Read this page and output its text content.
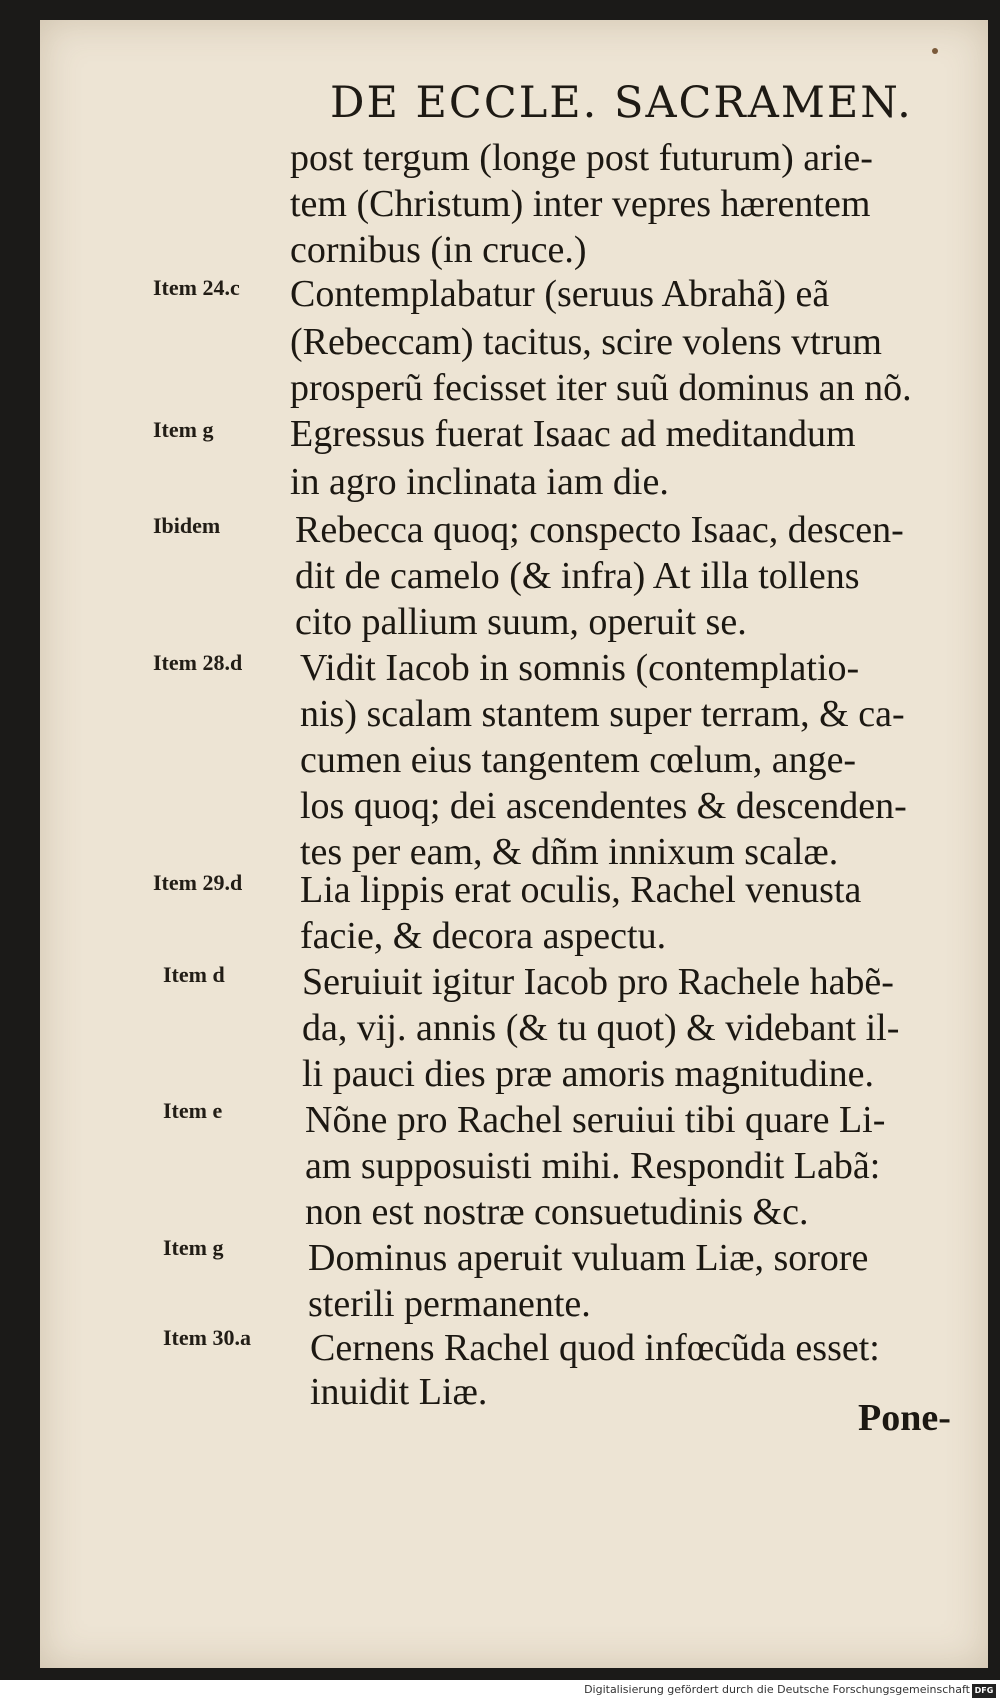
DE ECCLE. SACRAMEN.
Item 24.c
Item g
Ibidem
Item 28.d
Item 29.d
Item d
Item e
Item g
Item 30.a
post tergum (longe post futurum) arie-
tem (Christum) inter vepres hærentem
cornibus (in cruce.)
Contemplabatur (seruus Abrahã) eã
(Rebeccam) tacitus, scire volens vtrum
prosperũ fecisset iter suũ dominus an nõ.
Egressus fuerat Isaac ad meditandum
in agro inclinata iam die.
Rebecca quoq; conspecto Isaac, descen-
dit de camelo (& infra) At illa tollens
cito pallium suum, operuit se.
Vidit Iacob in somnis (contemplatio-
nis) scalam stantem super terram, & ca-
cumen eius tangentem cœlum, ange-
los quoq; dei ascendentes & descenden-
tes per eam, & dñm innixum scalæ.
Lia lippis erat oculis, Rachel venusta
facie, & decora aspectu.
Seruiuit igitur Iacob pro Rachele habẽ-
da, vij. annis (& tu quot) & videbant il-
li pauci dies præ amoris magnitudine.
Nõne pro Rachel seruiui tibi quare Li-
am supposuisti mihi. Respondit Labã:
non est nostræ consuetudinis &c.
Dominus aperuit vuluam Liæ, sorore
sterili permanente.
Cernens Rachel quod infœcũda esset:
inuidit Liæ.
Pone-
Digitalisierung gefördert durch die Deutsche Forschungsgemeinschaft DFG
